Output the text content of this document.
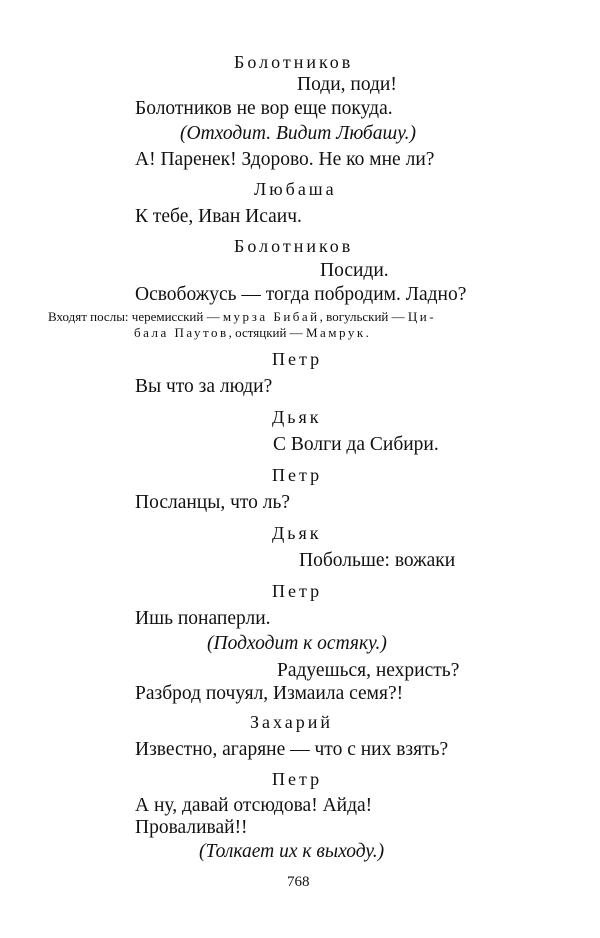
Болотников
Поди, поди!
Болотников не вор еще покуда.
(Отходит. Видит Любашу.)
А! Паренек! Здорово. Не ко мне ли?
Любаша
К тебе, Иван Исаич.
Болотников
Посиди.
Освобожусь — тогда побродим. Ладно?
Входят послы: черемисский — мурза Бибай, вогульский — Ци-
бала Паутов, остяцкий — Мамрук.
Петр
Вы что за люди?
Дьяк
С Волги да Сибири.
Петр
Посланцы, что ль?
Дьяк
Побольше: вожаки
Петр
Ишь понаперли.
(Подходит к остяку.)
Радуешься, нехристь?
Разброд почуял, Измаила семя?!
Захарий
Известно, агаряне — что с них взять?
Петр
А ну, давай отсюдова! Айда!
Проваливай!!
(Толкает их к выходу.)
768
